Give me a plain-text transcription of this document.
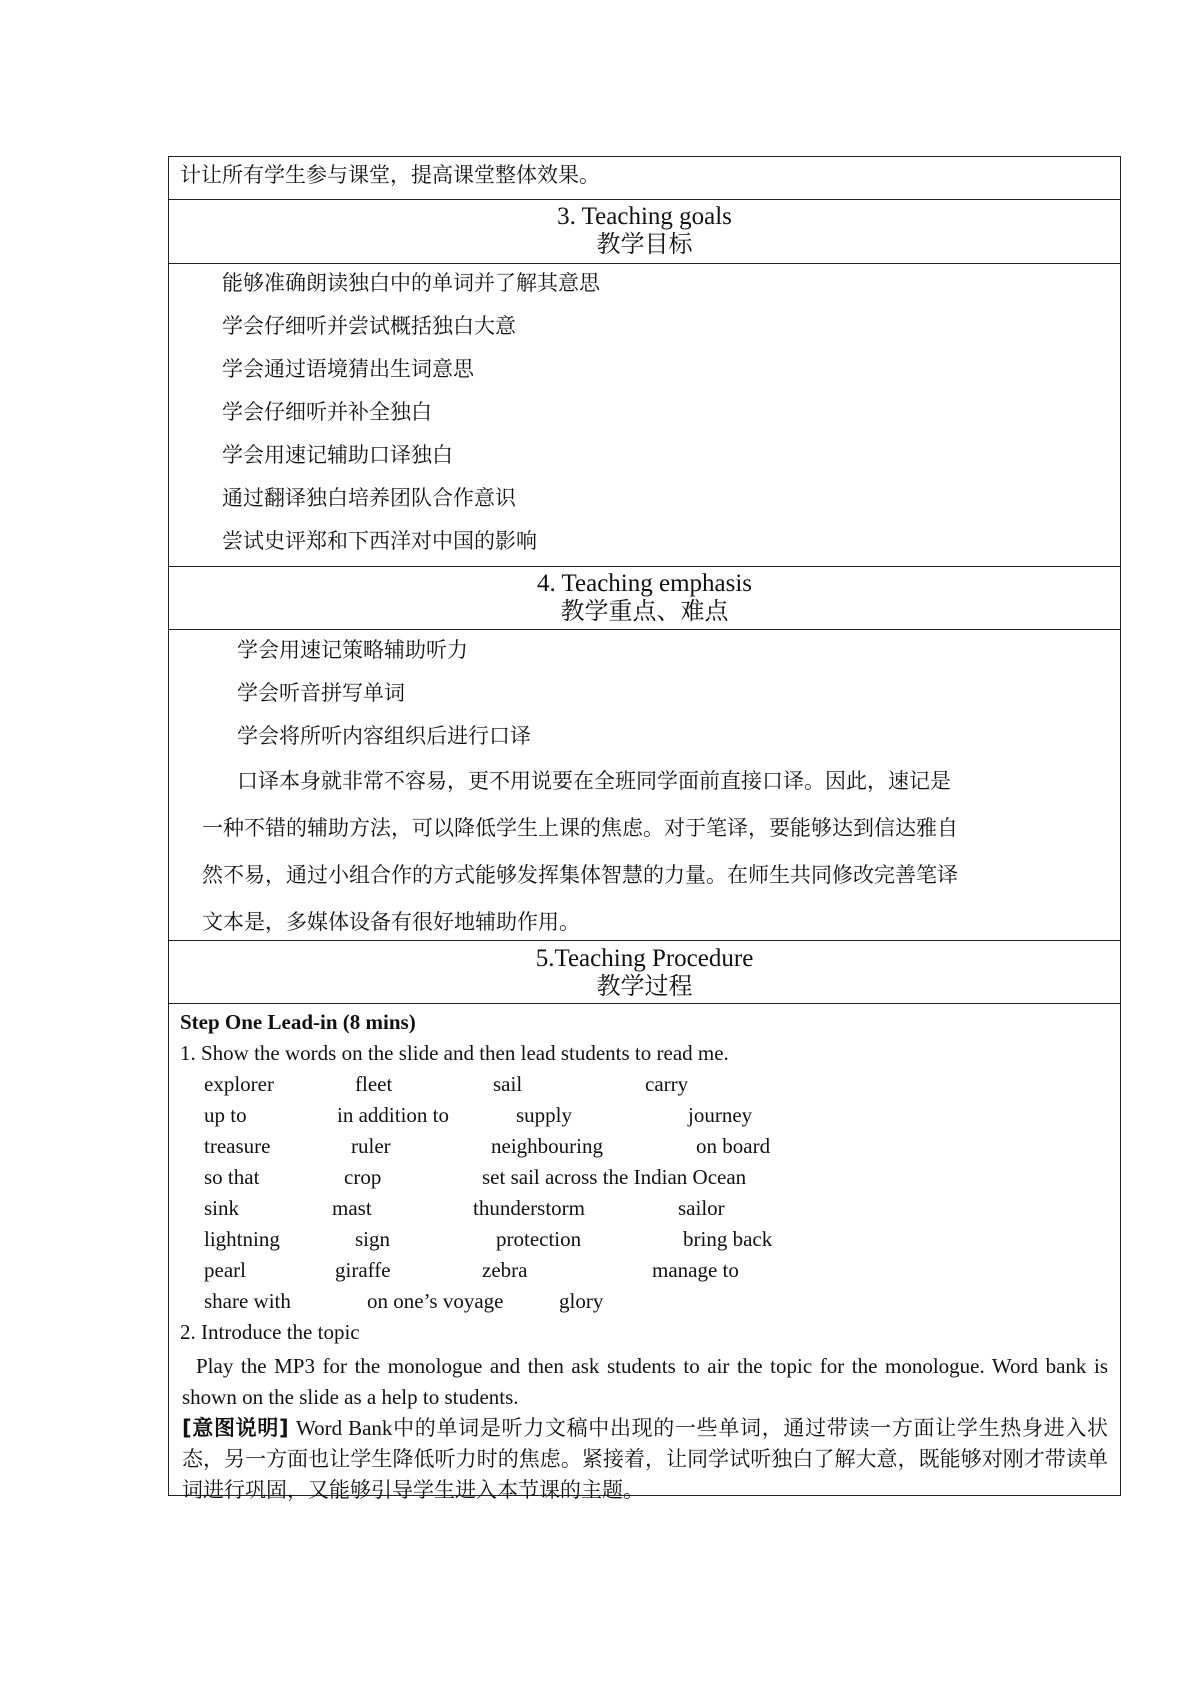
计让所有学生参与课堂，提高课堂整体效果。
3. Teaching goals
教学目标
能够准确朗读独白中的单词并了解其意思
学会仔细听并尝试概括独白大意
学会通过语境猜出生词意思
学会仔细听并补全独白
学会用速记辅助口译独白
通过翻译独白培养团队合作意识
尝试史评郑和下西洋对中国的影响
4. Teaching emphasis
教学重点、难点
学会用速记策略辅助听力
学会听音拼写单词
学会将所听内容组织后进行口译
口译本身就非常不容易，更不用说要在全班同学面前直接口译。因此，速记是
一种不错的辅助方法，可以降低学生上课的焦虑。对于笔译，要能够达到信达雅自
然不易，通过小组合作的方式能够发挥集体智慧的力量。在师生共同修改完善笔译
文本是，多媒体设备有很好地辅助作用。
5.Teaching Procedure
教学过程
Step One Lead-in (8 mins)
1. Show the words on the slide and then lead students to read me.
explorer	fleet	sail	carry
up to	in addition to	supply	journey
treasure	ruler	neighbouring	on board
so that	crop	set sail across the Indian Ocean
sink	mast	thunderstorm	sailor
lightning	sign	protection	bring back
pearl	giraffe	zebra	manage to
share with	on one’s voyage	glory
2. Introduce the topic
Play the MP3 for the monologue and then ask students to air the topic for the monologue. Word bank is shown on the slide as a help to students.
[意图说明] Word Bank中的单词是听力文稿中出现的一些单词，通过带读一方面让学生热身进入状态，另一方面也让学生降低听力时的焦虑。紧接着，让同学试听独白了解大意，既能够对刚才带读单词进行巩固，又能够引导学生进入本节课的主题。
